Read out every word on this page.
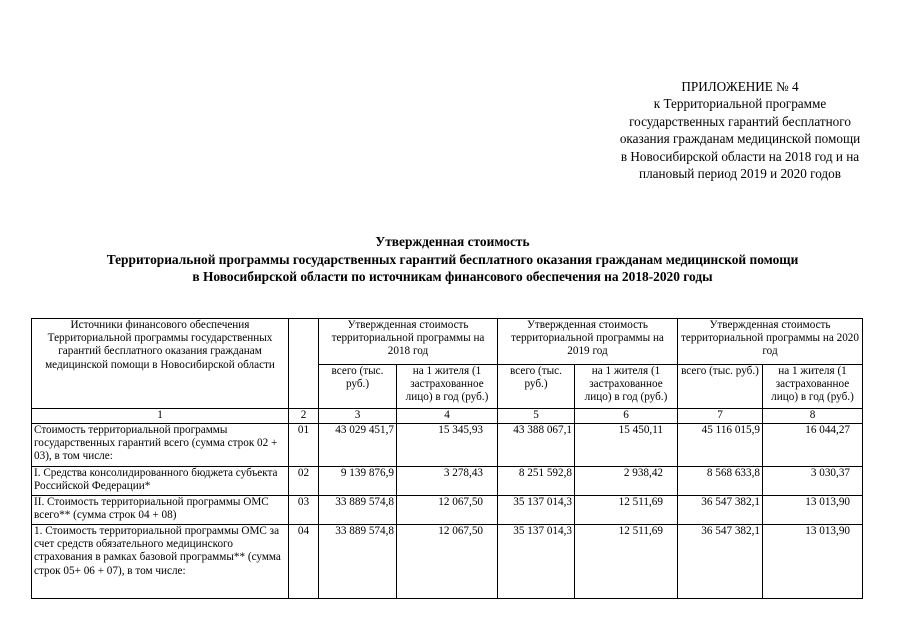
ПРИЛОЖЕНИЕ № 4
к Территориальной программе
государственных гарантий бесплатного
оказания гражданам медицинской помощи
в Новосибирской области на 2018 год и на
плановый период 2019 и 2020 годов
Утвержденная стоимость
Территориальной программы государственных гарантий бесплатного оказания гражданам медицинской помощи
в Новосибирской области по источникам финансового обеспечения на 2018-2020 годы
Источники финансового обеспечения Территориальной программы государственных гарантий бесплатного оказания гражданам медицинской помощи в Новосибирской области		Утвержденная стоимость территориальной программы на 2018 год		Утвержденная стоимость территориальной программы на 2019 год		Утвержденная стоимость территориальной программы на 2020 год	
		всего (тыс. руб.)	на 1 жителя (1 застрахованное лицо) в год (руб.)	всего (тыс. руб.)	на 1 жителя (1 застрахованное лицо) в год (руб.)	всего (тыс. руб.)	на 1 жителя (1 застрахованное лицо) в год (руб.)
1	2	3	4	5	6	7	8
Стоимость территориальной программы государственных гарантий всего (сумма строк 02 + 03), в том числе:	01	43 029 451,7	15 345,93	43 388 067,1	15 450,11	45 116 015,9	16 044,27
I. Средства консолидированного бюджета субъекта Российской Федерации*	02	9 139 876,9	3 278,43	8 251 592,8	2 938,42	8 568 633,8	3 030,37
II. Стоимость территориальной программы ОМС всего** (сумма строк 04 + 08)	03	33 889 574,8	12 067,50	35 137 014,3	12 511,69	36 547 382,1	13 013,90
1. Стоимость территориальной программы ОМС за счет средств обязательного медицинского страхования в рамках базовой программы** (сумма строк 05+ 06 + 07), в том числе:	04	33 889 574,8	12 067,50	35 137 014,3	12 511,69	36 547 382,1	13 013,90
